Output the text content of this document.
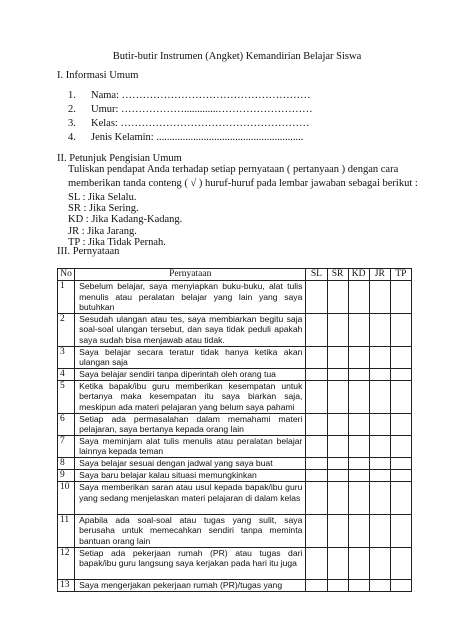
Butir-butir Instrumen (Angket) Kemandirian Belajar Siswa
I. Informasi Umum
1.	Nama : ………………………………………………
2.	Umur : ……………….............………………………
3.	Kelas : ………………………………………………
4.	Jenis Kelamin : ........................................................
II. Petunjuk Pengisian Umum
Tuliskan pendapat Anda terhadap setiap pernyataan ( pertanyaan ) dengan cara memberikan tanda conteng ( √ ) huruf-huruf pada lembar jawaban sebagai berikut :
SL : Jika Selalu.
SR : Jika Sering.
KD : Jika Kadang-Kadang.
JR : Jika Jarang.
TP : Jika Tidak Pernah.
III. Pernyataan
No	Pernyataan	SL	SR	KD	JR	TP
1	Sebelum belajar, saya menyiapkan buku-buku, alat tulis menulis atau peralatan belajar yang lain yang saya butuhkan					
2	Sesudah ulangan atau tes, saya membiarkan begitu saja soal-soal ulangan tersebut, dan saya tidak peduli apakah saya sudah bisa menjawab atau tidak.					
3	Saya belajar secara teratur tidak hanya ketika akan ulangan saja					
4	Saya belajar sendiri tanpa diperintah oleh orang tua					
5	Ketika bapak/ibu guru memberikan kesempatan untuk bertanya maka kesempatan itu saya biarkan saja, meskipun ada materi pelajaran yang belum saya pahami					
6	Setiap ada permasalahan dalam memahami materi pelajaran, saya bertanya kepada orang lain					
7	Saya meminjam alat tulis menulis atau peralatan belajar lainnya kepada teman					
8	Saya belajar sesuai dengan jadwal yang saya buat					
9	Saya baru belajar kalau situasi memungkinkan					
10	Saya memberikan saran atau usul kepada bapak/ibu guru yang sedang menjelaskan materi pelajaran di dalam kelas					
11	Apabila ada soal-soal atau tugas yang sulit, saya berusaha untuk memecahkan sendiri tanpa meminta bantuan orang lain					
12	Setiap ada pekerjaan rumah (PR) atau tugas dari bapak/ibu guru langsung saya kerjakan pada hari itu juga					
13	Saya mengerjakan pekerjaan rumah (PR)/tugas yang					
